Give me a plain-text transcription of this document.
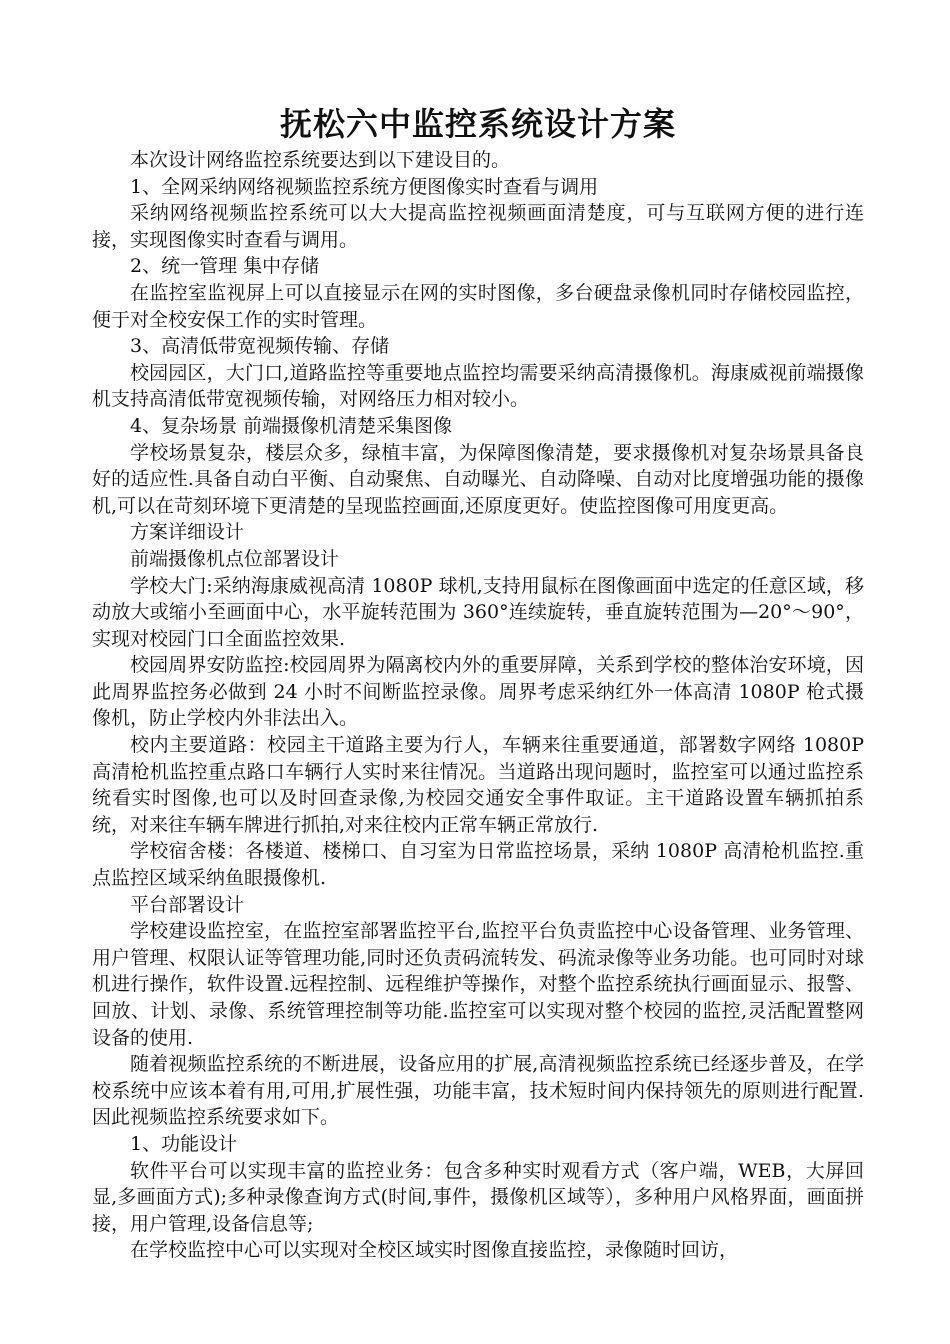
抚松六中监控系统设计方案

本次设计网络监控系统要达到以下建设目的。

1、全网采纳网络视频监控系统方便图像实时查看与调用

采纳网络视频监控系统可以大大提高监控视频画面清楚度，可与互联网方便的进行连接，实现图像实时查看与调用。

2、统一管理 集中存储

在监控室监视屏上可以直接显示在网的实时图像，多台硬盘录像机同时存储校园监控，便于对全校安保工作的实时管理。

3、高清低带宽视频传输、存储

校园园区，大门口,道路监控等重要地点监控均需要采纳高清摄像机。海康威视前端摄像机支持高清低带宽视频传输，对网络压力相对较小。

4、复杂场景 前端摄像机清楚采集图像

学校场景复杂，楼层众多，绿植丰富，为保障图像清楚，要求摄像机对复杂场景具备良好的适应性.具备自动白平衡、自动聚焦、自动曝光、自动降噪、自动对比度增强功能的摄像机,可以在苛刻环境下更清楚的呈现监控画面,还原度更好。使监控图像可用度更高。

方案详细设计

前端摄像机点位部署设计

学校大门:采纳海康威视高清 1080P 球机,支持用鼠标在图像画面中选定的任意区域，移动放大或缩小至画面中心，水平旋转范围为 360°连续旋转，垂直旋转范围为—20°～90°，实现对校园门口全面监控效果.

校园周界安防监控:校园周界为隔离校内外的重要屏障，关系到学校的整体治安环境，因此周界监控务必做到 24 小时不间断监控录像。周界考虑采纳红外一体高清 1080P 枪式摄像机，防止学校内外非法出入。

校内主要道路：校园主干道路主要为行人，车辆来往重要通道，部署数字网络 1080P 高清枪机监控重点路口车辆行人实时来往情况。当道路出现问题时，监控室可以通过监控系统看实时图像,也可以及时回查录像,为校园交通安全事件取证。主干道路设置车辆抓拍系统，对来往车辆车牌进行抓拍,对来往校内正常车辆正常放行.

学校宿舍楼：各楼道、楼梯口、自习室为日常监控场景，采纳 1080P 高清枪机监控.重点监控区域采纳鱼眼摄像机.

平台部署设计

学校建设监控室，在监控室部署监控平台,监控平台负责监控中心设备管理、业务管理、用户管理、权限认证等管理功能,同时还负责码流转发、码流录像等业务功能。也可同时对球机进行操作，软件设置.远程控制、远程维护等操作，对整个监控系统执行画面显示、报警、回放、计划、录像、系统管理控制等功能.监控室可以实现对整个校园的监控,灵活配置整网设备的使用.

随着视频监控系统的不断进展，设备应用的扩展,高清视频监控系统已经逐步普及，在学校系统中应该本着有用,可用,扩展性强，功能丰富，技术短时间内保持领先的原则进行配置.因此视频监控系统要求如下。

1、功能设计

软件平台可以实现丰富的监控业务：包含多种实时观看方式（客户端，WEB，大屏回显,多画面方式);多种录像查询方式(时间,事件，摄像机区域等），多种用户风格界面，画面拼接，用户管理,设备信息等;

在学校监控中心可以实现对全校区域实时图像直接监控，录像随时回访，
